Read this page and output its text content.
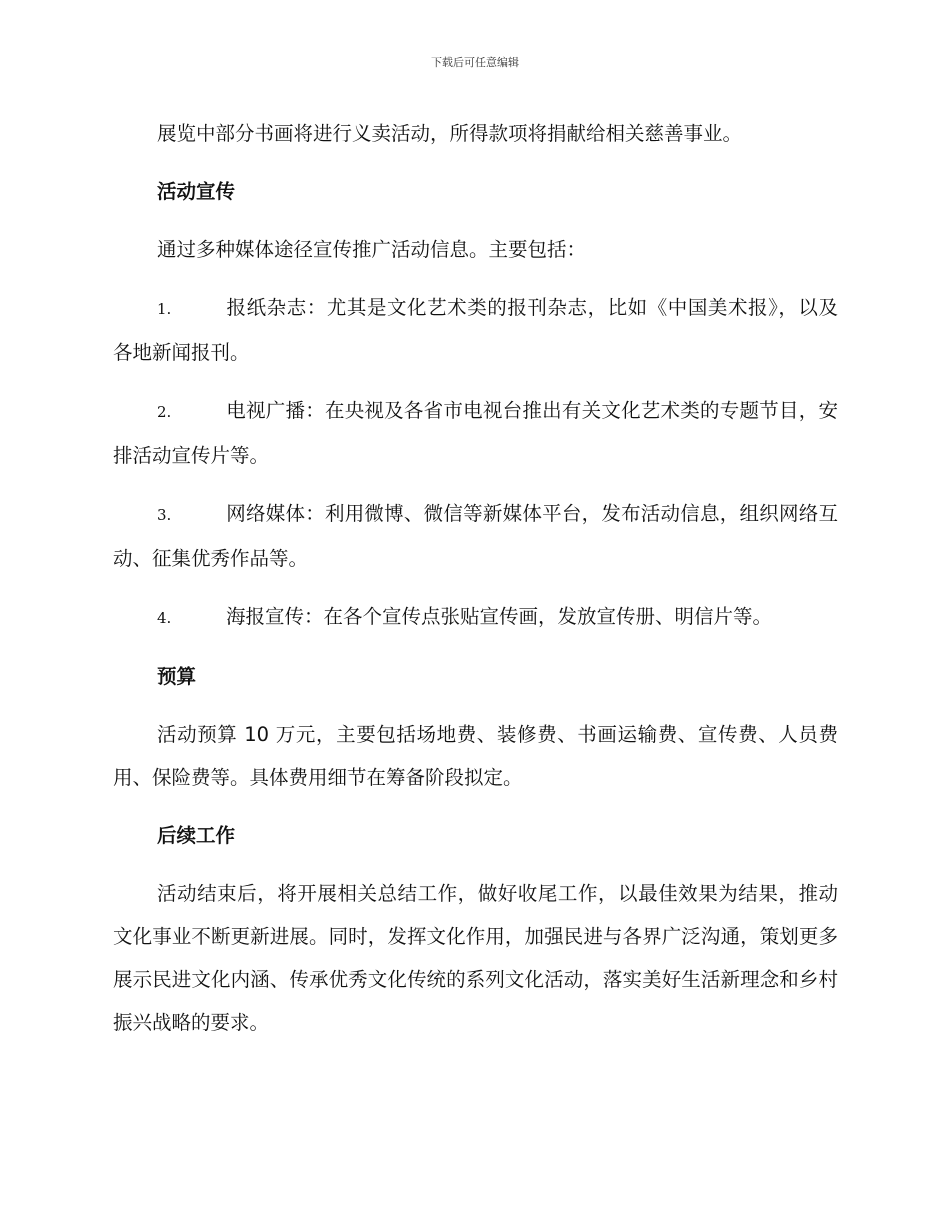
下载后可任意编辑

展览中部分书画将进行义卖活动，所得款项将捐献给相关慈善事业。

活动宣传

通过多种媒体途径宣传推广活动信息。主要包括：

1.	报纸杂志：尤其是文化艺术类的报刊杂志，比如《中国美术报》，以及各地新闻报刊。

2.	电视广播：在央视及各省市电视台推出有关文化艺术类的专题节目，安排活动宣传片等。

3.	网络媒体：利用微博、微信等新媒体平台，发布活动信息，组织网络互动、征集优秀作品等。

4.	海报宣传：在各个宣传点张贴宣传画，发放宣传册、明信片等。

预算

活动预算 10 万元，主要包括场地费、装修费、书画运输费、宣传费、人员费用、保险费等。具体费用细节在筹备阶段拟定。

后续工作

活动结束后，将开展相关总结工作，做好收尾工作，以最佳效果为结果，推动文化事业不断更新进展。同时，发挥文化作用，加强民进与各界广泛沟通，策划更多展示民进文化内涵、传承优秀文化传统的系列文化活动，落实美好生活新理念和乡村振兴战略的要求。
